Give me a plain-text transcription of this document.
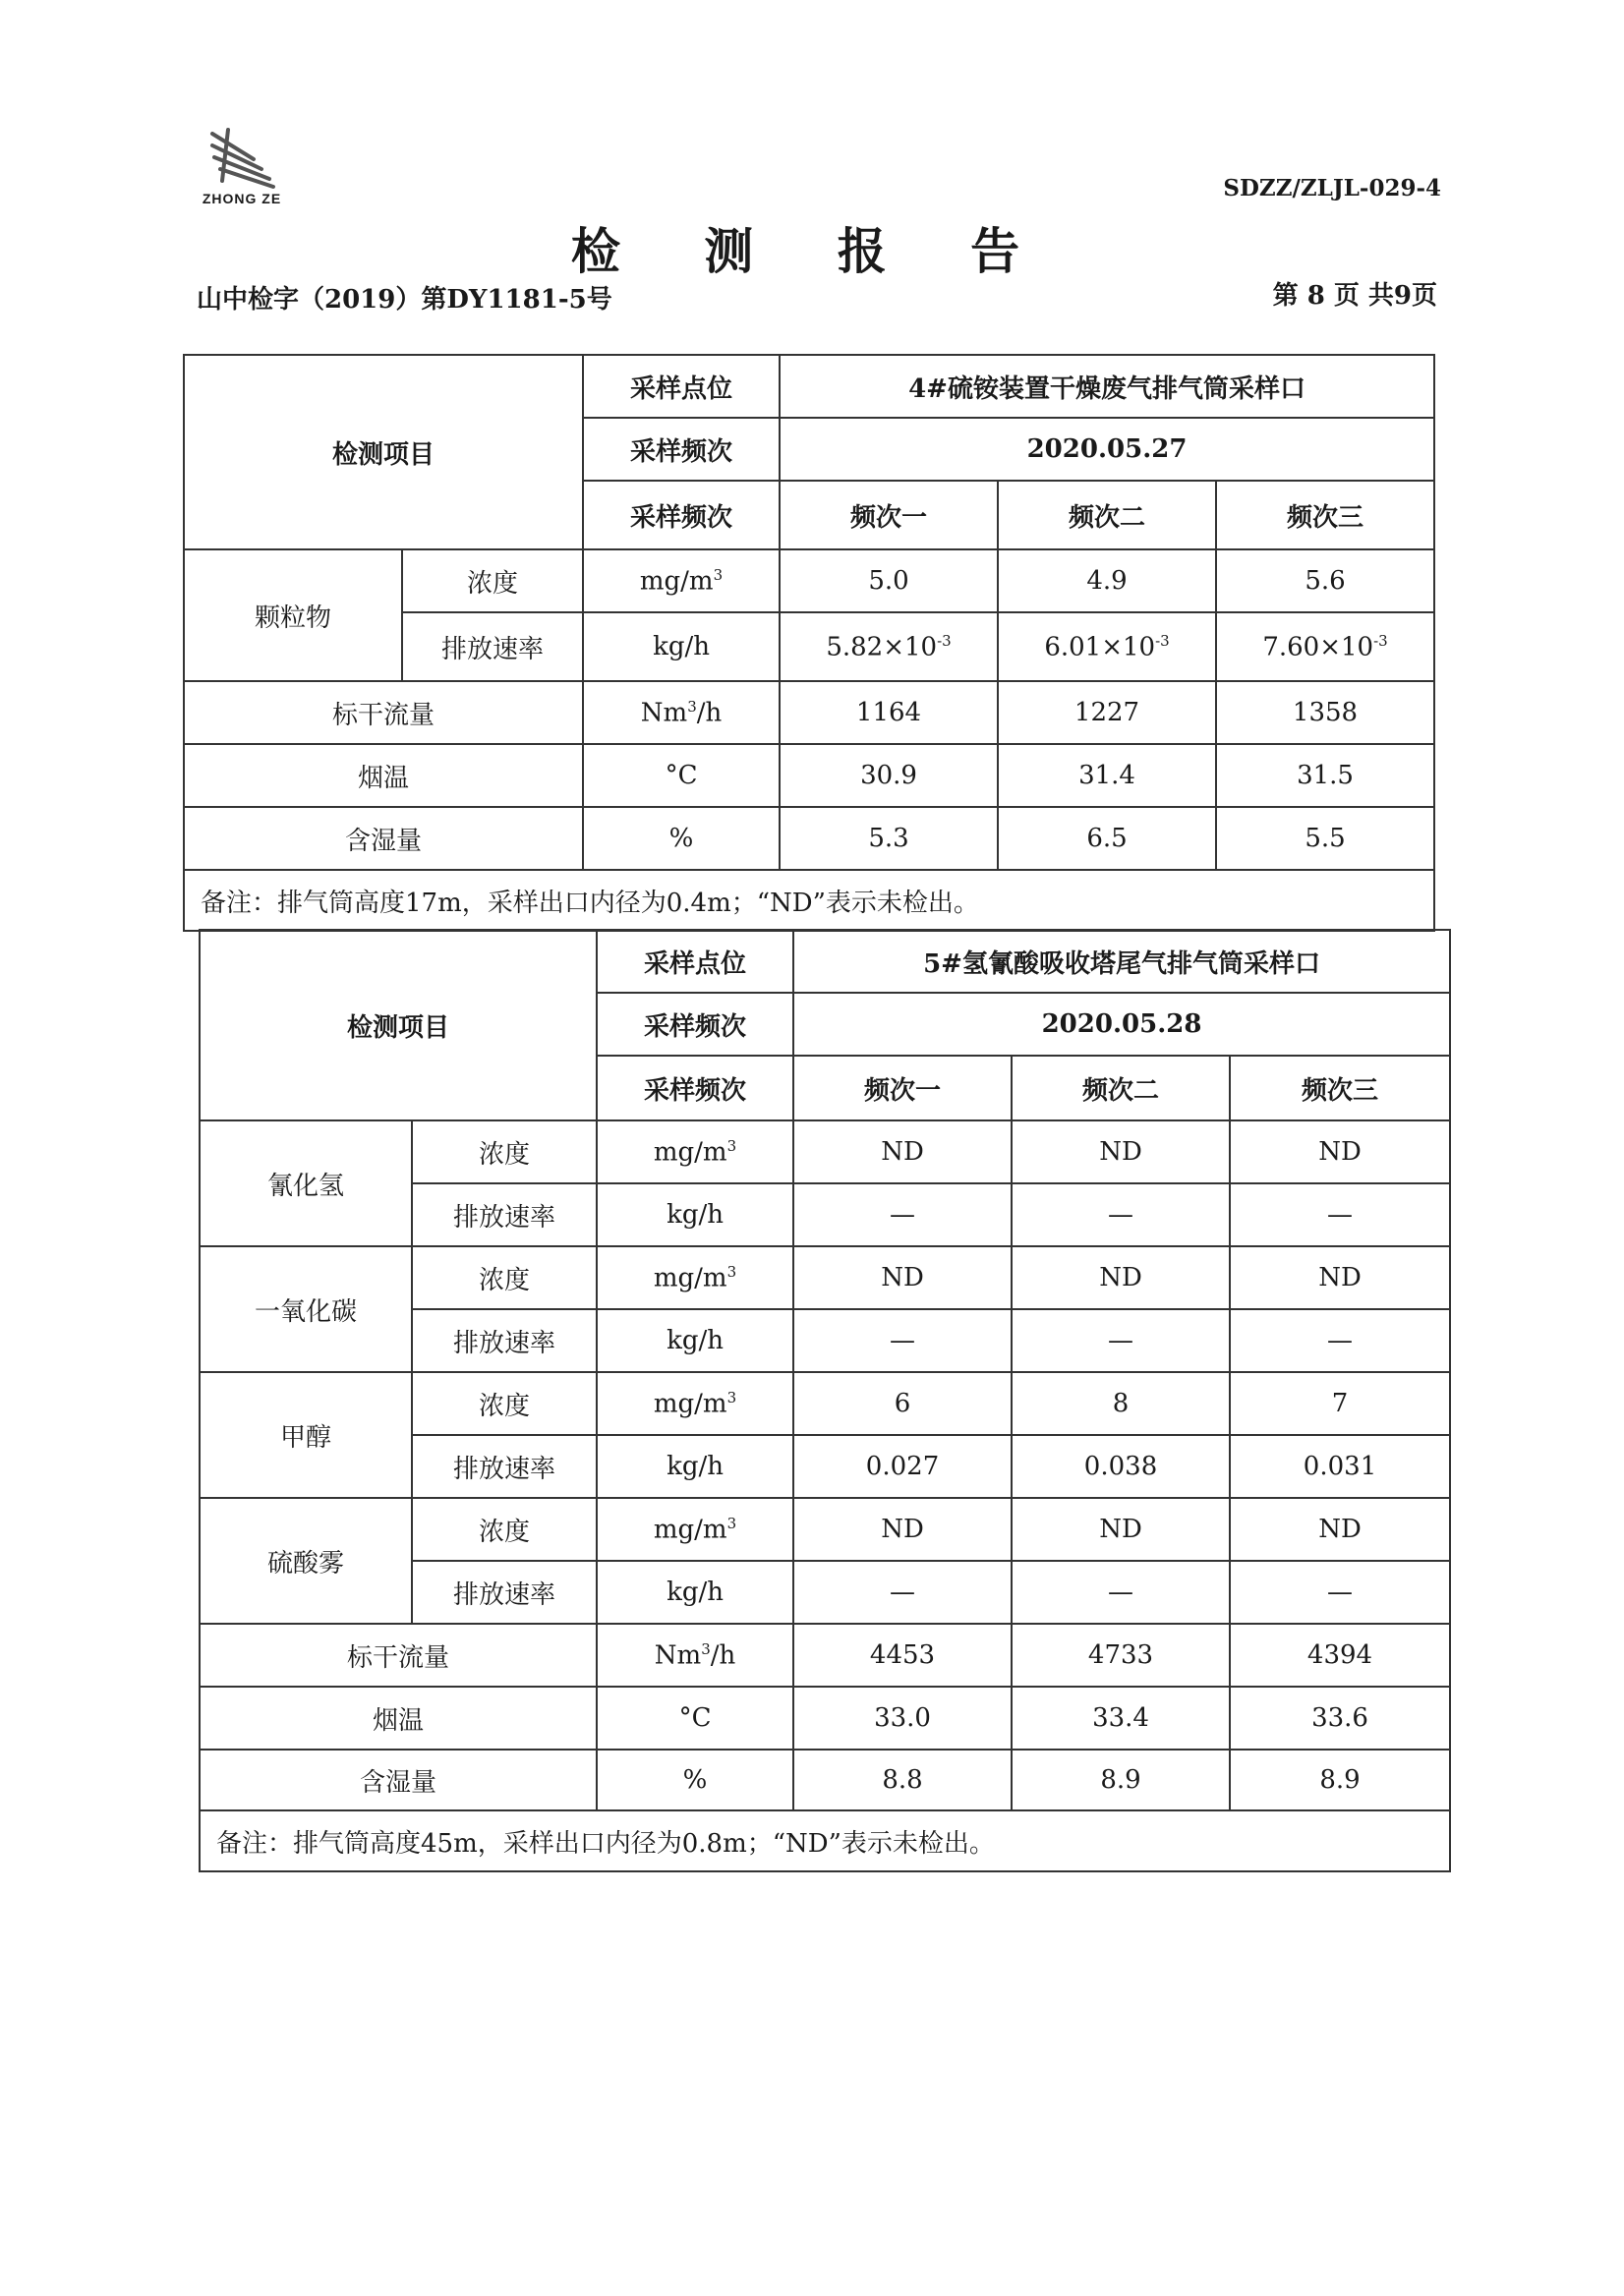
ZHONG ZE	SDZZ/ZLJL-029-4
检 测 报 告
山中检字（2019）第DY1181-5号	第 8 页 共9页
检测项目		采样点位	4#硫铵装置干燥废气排气筒采样口		
		采样频次	2020.05.27		
		采样频次	频次一	频次二	频次三
颗粒物	浓度	$mg/m^3$	5.0	4.9	5.6
	排放速率	kg/h	$5.82\times 10^{-3}$	$6.01\times 10^{-3}$	$7.60\times 10^{-3}$
标干流量		Nm$^3$/h	1164	1227	1358
烟温		°C	30.9	31.4	31.5
含湿量		%	5.3	6.5	5.5
备注：排气筒高度17m，采样出口内径为0.4m；“ND”表示未检出。					
检测项目		采样点位	5#氢氰酸吸收塔尾气排气筒采样口		
		采样频次	2020.05.28		
		采样频次	频次一	频次二	频次三
氰化氢	浓度	$mg/m^3$	ND	ND	ND
	排放速率	kg/h	—	—	—
一氧化碳	浓度	$mg/m^3$	ND	ND	ND
	排放速率	kg/h	—	—	—
甲醇	浓度	$mg/m^3$	6	8	7
	排放速率	kg/h	0.027	0.038	0.031
硫酸雾	浓度	$mg/m^3$	ND	ND	ND
	排放速率	kg/h	—	—	—
标干流量		Nm$^3$/h	4453	4733	4394
烟温		°C	33.0	33.4	33.6
含湿量		%	8.8	8.9	8.9
备注：排气筒高度45m，采样出口内径为0.8m；“ND”表示未检出。					
